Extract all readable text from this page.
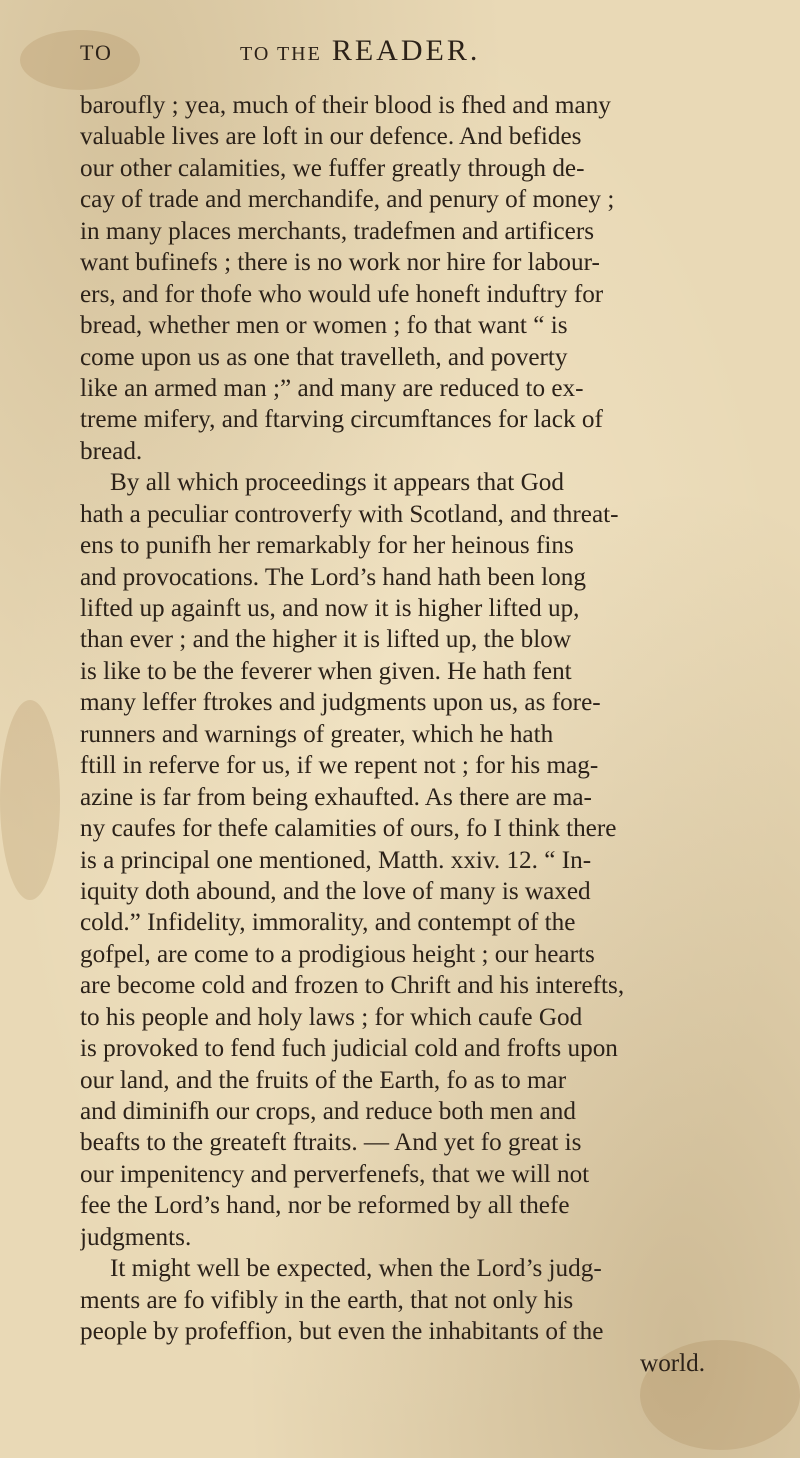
TO	TO THE READER.
baroufly ; yea, much of their blood is fhed and many
valuable lives are loft in our defence. And befides
our other calamities, we fuffer greatly through de-
cay of trade and merchandife, and penury of money ;
in many places merchants, tradefmen and artificers
want bufinefs ; there is no work nor hire for labour-
ers, and for thofe who would ufe honeft induftry for
bread, whether men or women ; fo that want “ is
come upon us as one that travelleth, and poverty
like an armed man ;” and many are reduced to ex-
treme mifery, and ftarving circumftances for lack of
bread.
By all which proceedings it appears that God
hath a peculiar controverfy with Scotland, and threat-
ens to punifh her remarkably for her heinous fins
and provocations. The Lord’s hand hath been long
lifted up againft us, and now it is higher lifted up,
than ever ; and the higher it is lifted up, the blow
is like to be the feverer when given. He hath fent
many leffer ftrokes and judgments upon us, as fore-
runners and warnings of greater, which he hath
ftill in referve for us, if we repent not ; for his mag-
azine is far from being exhaufted. As there are ma-
ny caufes for thefe calamities of ours, fo I think there
is a principal one mentioned, Matth. xxiv. 12. “ In-
iquity doth abound, and the love of many is waxed
cold.” Infidelity, immorality, and contempt of the
gofpel, are come to a prodigious height ; our hearts
are become cold and frozen to Chrift and his interefts,
to his people and holy laws ; for which caufe God
is provoked to fend fuch judicial cold and frofts upon
our land, and the fruits of the Earth, fo as to mar
and diminifh our crops, and reduce both men and
beafts to the greateft ftraits. — And yet fo great is
our impenitency and perverfenefs, that we will not
fee the Lord’s hand, nor be reformed by all thefe
judgments.
It might well be expected, when the Lord’s judg-
ments are fo vifibly in the earth, that not only his
people by profeffion, but even the inhabitants of the
world.
